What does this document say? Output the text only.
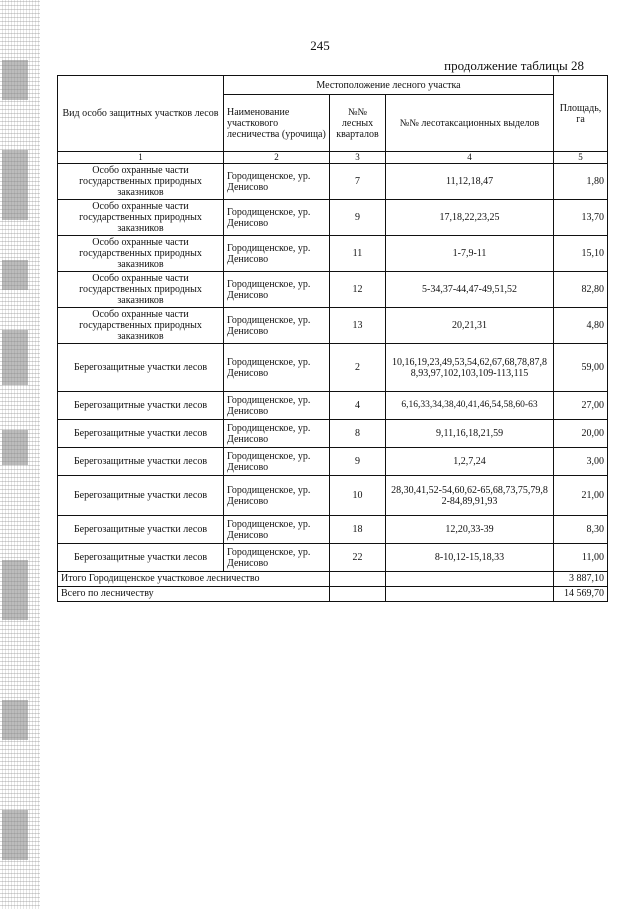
245
продолжение таблицы 28
Вид особо защитных участков лесов	Местоположение лесного участка			Площадь, га
	Наименование участкового лесничества (урочища)	№№ лесных кварталов	№№ лесотаксационных выделов	
1	2	3	4	5
Особо охранные части государственных природных заказников	Городищенское, ур. Денисово	7	11,12,18,47	1,80
Особо охранные части государственных природных заказников	Городищенское, ур. Денисово	9	17,18,22,23,25	13,70
Особо охранные части государственных природных заказников	Городищенское, ур. Денисово	11	1-7,9-11	15,10
Особо охранные части государственных природных заказников	Городищенское, ур. Денисово	12	5-34,37-44,47-49,51,52	82,80
Особо охранные части государственных природных заказников	Городищенское, ур. Денисово	13	20,21,31	4,80
Берегозащитные участки лесов	Городищенское, ур. Денисово	2	10,16,19,23,49,53,54,62,67,68,78,87,88,93,97,102,103,109-113,115	59,00
Берегозащитные участки лесов	Городищенское, ур. Денисово	4	6,16,33,34,38,40,41,46,54,58,60-63	27,00
Берегозащитные участки лесов	Городищенское, ур. Денисово	8	9,11,16,18,21,59	20,00
Берегозащитные участки лесов	Городищенское, ур. Денисово	9	1,2,7,24	3,00
Берегозащитные участки лесов	Городищенское, ур. Денисово	10	28,30,41,52-54,60,62-65,68,73,75,79,82-84,89,91,93	21,00
Берегозащитные участки лесов	Городищенское, ур. Денисово	18	12,20,33-39	8,30
Берегозащитные участки лесов	Городищенское, ур. Денисово	22	8-10,12-15,18,33	11,00
Итого Городищенское участковое лесничество				3 887,10
Всего по лесничеству				14 569,70
